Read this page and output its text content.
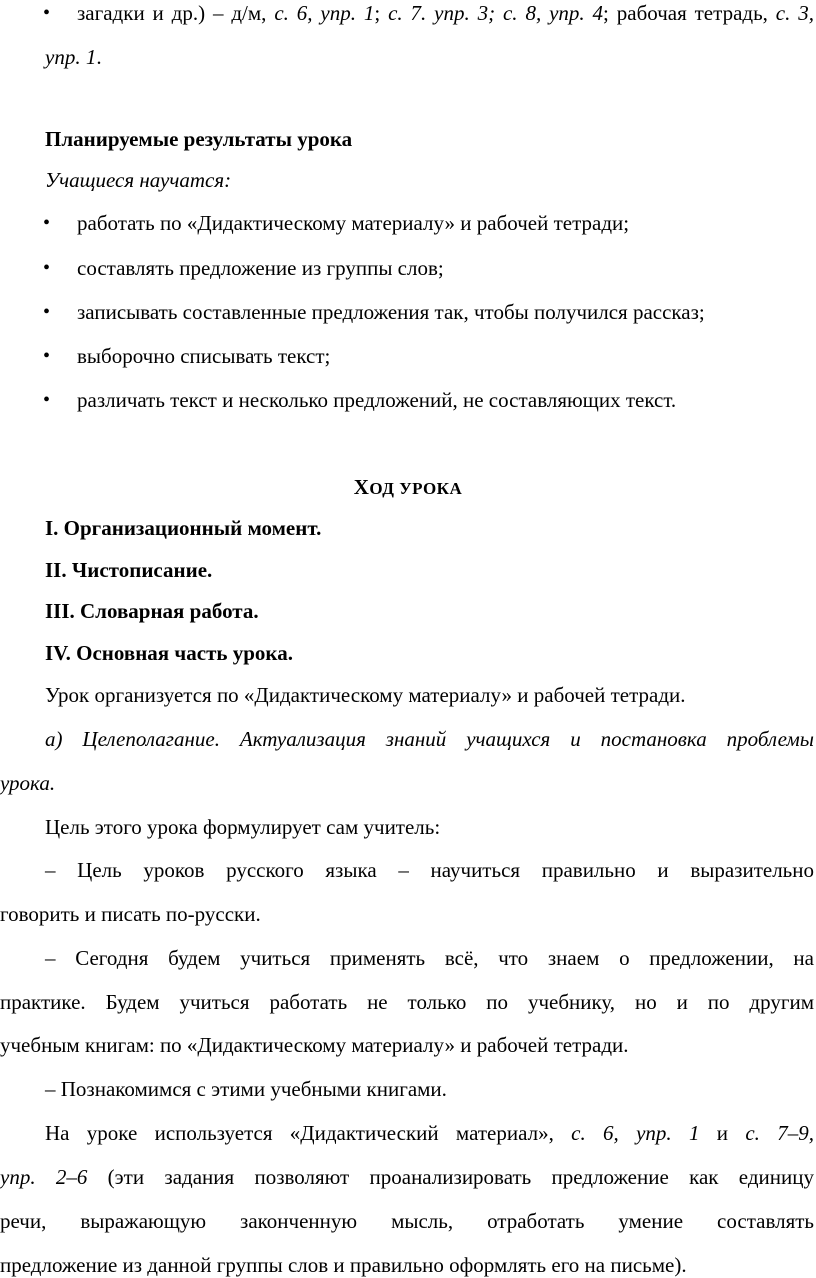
• загадки и др.) – д/м, с. 6, упр. 1; с. 7. упр. 3; с. 8, упр. 4; рабочая тетрадь, с. 3,
упр. 1.
Планируемые результаты урока
Учащиеся научатся:
• работать по «Дидактическому материалу» и рабочей тетради;
• составлять предложение из группы слов;
• записывать составленные предложения так, чтобы получился рассказ;
• выборочно списывать текст;
• различать текст и несколько предложений, не составляющих текст.
ХОД УРОКА
I. Организационный момент.
II. Чистописание.
III. Словарная работа.
IV. Основная часть урока.
Урок организуется по «Дидактическому материалу» и рабочей тетради.
а) Целеполагание. Актуализация знаний учащихся и постановка проблемы
урока.
Цель этого урока формулирует сам учитель:
– Цель уроков русского языка – научиться правильно и выразительно
говорить и писать по-русски.
– Сегодня будем учиться применять всё, что знаем о предложении, на
практике. Будем учиться работать не только по учебнику, но и по другим
учебным книгам: по «Дидактическому материалу» и рабочей тетради.
– Познакомимся с этими учебными книгами.
На уроке используется «Дидактический материал», с. 6, упр. 1 и с. 7–9,
упр. 2–6 (эти задания позволяют проанализировать предложение как единицу
речи, выражающую законченную мысль, отработать умение составлять
предложение из данной группы слов и правильно оформлять его на письме).
